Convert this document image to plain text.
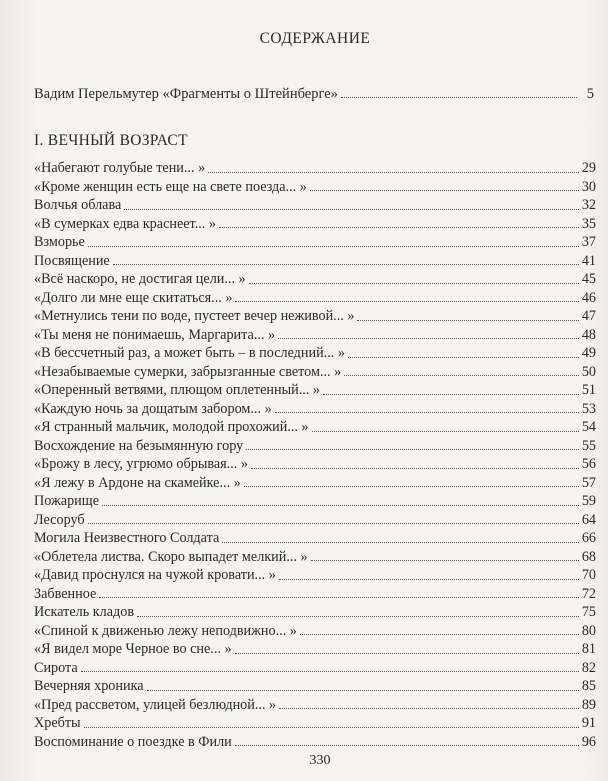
СОДЕРЖАНИЕ
Вадим Перельмутер «Фрагменты о Штейнберге»	5
I. ВЕЧНЫЙ ВОЗРАСТ
«Набегают голубые тени... »	29
«Кроме женщин есть еще на свете поезда... »	30
Волчья облава	32
«В сумерках едва краснеет... »	35
Взморье	37
Посвящение	41
«Всё наскоро, не достигая цели... »	45
«Долго ли мне еще скитаться... »	46
«Метнулись тени по воде, пустеет вечер неживой... »	47
«Ты меня не понимаешь, Маргарита... »	48
«В бессчетный раз, а может быть – в последний... »	49
«Незабываемые сумерки, забрызганные светом... »	50
«Оперенный ветвями, плющом оплетенный... »	51
«Каждую ночь за дощатым забором... »	53
«Я странный мальчик, молодой прохожий... »	54
Восхождение на безымянную гору	55
«Брожу в лесу, угрюмо обрывая... »	56
«Я лежу в Ардоне на скамейке... »	57
Пожарище	59
Лесоруб	64
Могила Неизвестного Солдата	66
«Облетела листва. Скоро выпадет мелкий... »	68
«Давид проснулся на чужой кровати... »	70
Забвенное	72
Искатель кладов	75
«Спиной к движенью лежу неподвижно... »	80
«Я видел море Черное во сне... »	81
Сирота	82
Вечерняя хроника	85
«Пред рассветом, улицей безлюдной... »	89
Хребты	91
Воспоминание о поездке в Фили	96
330
